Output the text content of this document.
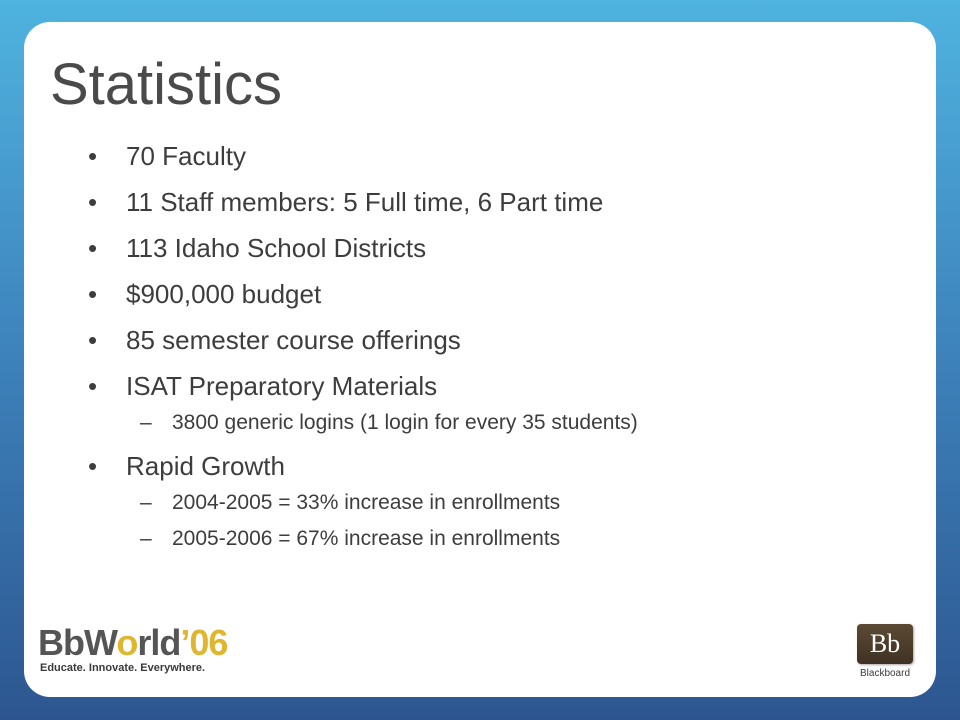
Statistics
• 70 Faculty
• 11 Staff members: 5 Full time, 6 Part time
• 113 Idaho School Districts
• $900,000 budget
• 85 semester course offerings
• ISAT Preparatory Materials
– 3800 generic logins (1 login for every 35 students)
• Rapid Growth
– 2004-2005 = 33% increase in enrollments
– 2005-2006 = 67% increase in enrollments
BbWorld’06
Educate. Innovate. Everywhere.
Bb
Blackboard
